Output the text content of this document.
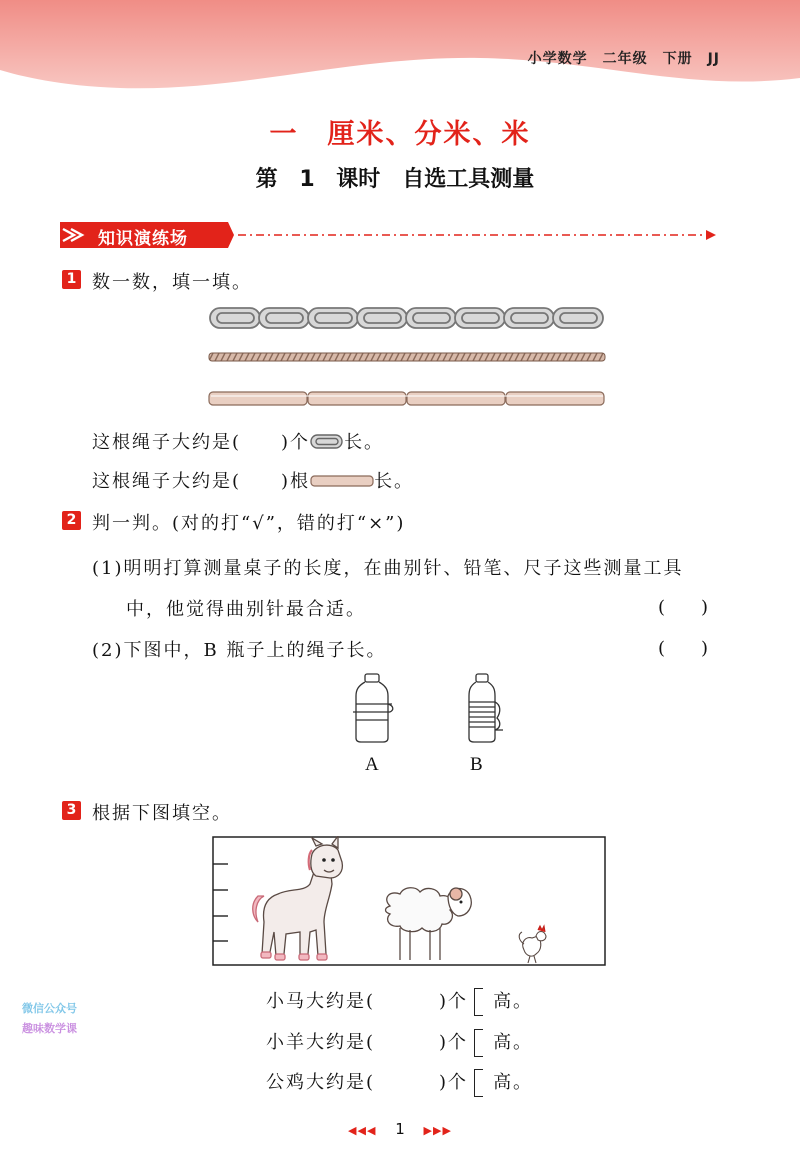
小学数学　二年级　下册　JJ
一　厘米、分米、米
第 1 课时　自选工具测量
知识演练场
1 数一数，填一填。
这根绳子大约是( )个 长。
这根绳子大约是( )根	长。
2 判一判。(对的打“√”，错的打“×”)
(1)明明打算测量桌子的长度，在曲别针、铅笔、尺子这些测量工具
中，他觉得曲别针最合适。	(　　)
(2)下图中，B 瓶子上的绳子长。	(　　)
A	B
3 根据下图填空。
小马大约是(	)个 高。
小羊大约是(	)个 高。
公鸡大约是(	)个 高。
微信公众号
趣味数学课
◀◀◀ 1 ▶▶▶
